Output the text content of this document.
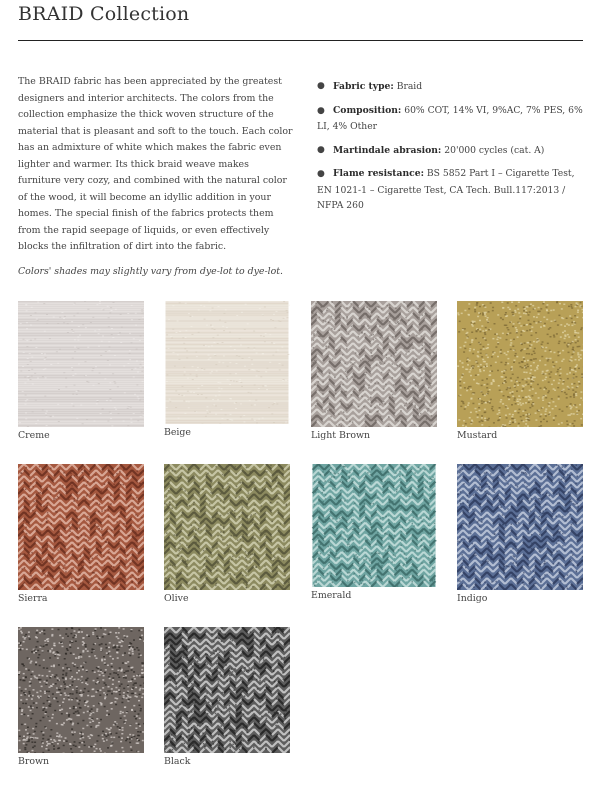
BRAID Collection

The BRAID fabric has been appreciated by the greatest designers and interior architects. The colors from the collection emphasize the thick woven structure of the material that is pleasant and soft to the touch. Each color has an admixture of white which makes the fabric even lighter and warmer. Its thick braid weave makes furniture very cozy, and combined with the natural color of the wood, it will become an idyllic addition in your homes. The special finish of the fabrics protects them from the rapid seepage of liquids, or even effectively blocks the infiltration of dirt into the fabric.

Colors' shades may slightly vary from dye-lot to dye-lot.

● Fabric type: Braid
● Composition: 60% COT, 14% VI, 9%AC, 7% PES, 6% LI, 4% Other
● Martindale abrasion: 20'000 cycles (cat. A)
● Flame resistance: BS 5852 Part I – Cigarette Test, EN 1021-1 – Cigarette Test, CA Tech. Bull.117:2013 / NFPA 260
Creme	Beige	Light Brown	Mustard
Sierra	Olive	Emerald	Indigo
Brown	Black
